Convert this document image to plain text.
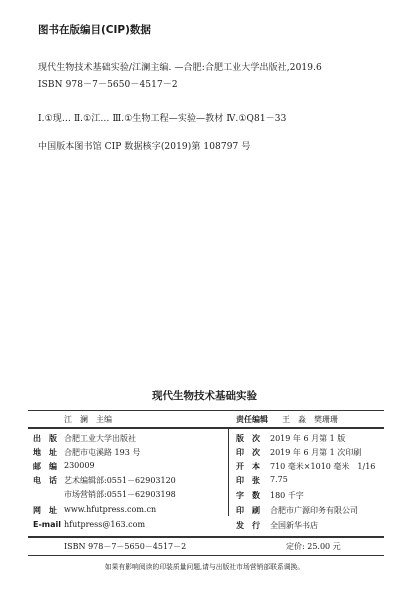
图书在版编目(CIP)数据
现代生物技术基础实验/江澜主编. —合肥:合肥工业大学出版社,2019.6
ISBN 978－7－5650－4517－2
Ⅰ.①现… Ⅱ.①江… Ⅲ.①生物工程—实验—教材 Ⅳ.①Q81－33
中国版本图书馆 CIP 数据核字(2019)第 108797 号
现代生物技术基础实验
江　澜　主编	责任编辑 王　淼　樊珊珊
出　版 合肥工业大学出版社
地　址 合肥市屯溪路 193 号
邮　编 230009
电　话 艺术编辑部:0551－62903120
市场营销部:0551－62903198
网　址 www.hfutpress.com.cn
E-mail hfutpress@163.com
版　次 2019 年 6 月第 1 版
印　次 2019 年 6 月第 1 次印刷
开　本 710 毫米×1010 毫米　1/16
印　张 7.75
字　数 180 千字
印　刷 合肥市广源印务有限公司
发　行 全国新华书店
ISBN 978－7－5650－4517－2	定价: 25.00 元
如果有影响阅读的印装质量问题,请与出版社市场营销部联系调换。
